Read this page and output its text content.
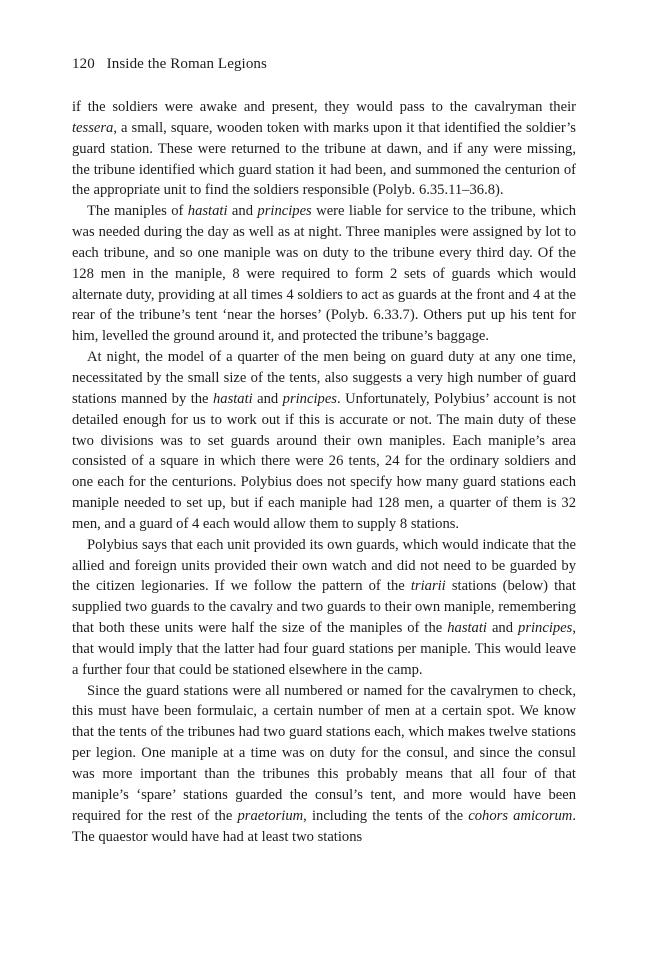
120 Inside the Roman Legions

if the soldiers were awake and present, they would pass to the cavalryman their tessera, a small, square, wooden token with marks upon it that identified the soldier’s guard station. These were returned to the tribune at dawn, and if any were missing, the tribune identified which guard station it had been, and summoned the centurion of the appropriate unit to find the soldiers responsible (Polyb. 6.35.11–36.8).

The maniples of hastati and principes were liable for service to the tribune, which was needed during the day as well as at night. Three maniples were assigned by lot to each tribune, and so one maniple was on duty to the tribune every third day. Of the 128 men in the maniple, 8 were required to form 2 sets of guards which would alternate duty, providing at all times 4 soldiers to act as guards at the front and 4 at the rear of the tribune’s tent ‘near the horses’ (Polyb. 6.33.7). Others put up his tent for him, levelled the ground around it, and protected the tribune’s baggage.

At night, the model of a quarter of the men being on guard duty at any one time, necessitated by the small size of the tents, also suggests a very high number of guard stations manned by the hastati and principes. Unfortunately, Polybius’ account is not detailed enough for us to work out if this is accurate or not. The main duty of these two divisions was to set guards around their own maniples. Each maniple’s area consisted of a square in which there were 26 tents, 24 for the ordinary soldiers and one each for the centurions. Polybius does not specify how many guard stations each maniple needed to set up, but if each maniple had 128 men, a quarter of them is 32 men, and a guard of 4 each would allow them to supply 8 stations.

Polybius says that each unit provided its own guards, which would indicate that the allied and foreign units provided their own watch and did not need to be guarded by the citizen legionaries. If we follow the pattern of the triarii stations (below) that supplied two guards to the cavalry and two guards to their own maniple, remembering that both these units were half the size of the maniples of the hastati and principes, that would imply that the latter had four guard stations per maniple. This would leave a further four that could be stationed elsewhere in the camp.

Since the guard stations were all numbered or named for the cavalrymen to check, this must have been formulaic, a certain number of men at a certain spot. We know that the tents of the tribunes had two guard stations each, which makes twelve stations per legion. One maniple at a time was on duty for the consul, and since the consul was more important than the tribunes this probably means that all four of that maniple’s ‘spare’ stations guarded the consul’s tent, and more would have been required for the rest of the praetorium, including the tents of the cohors amicorum. The quaestor would have had at least two stations
